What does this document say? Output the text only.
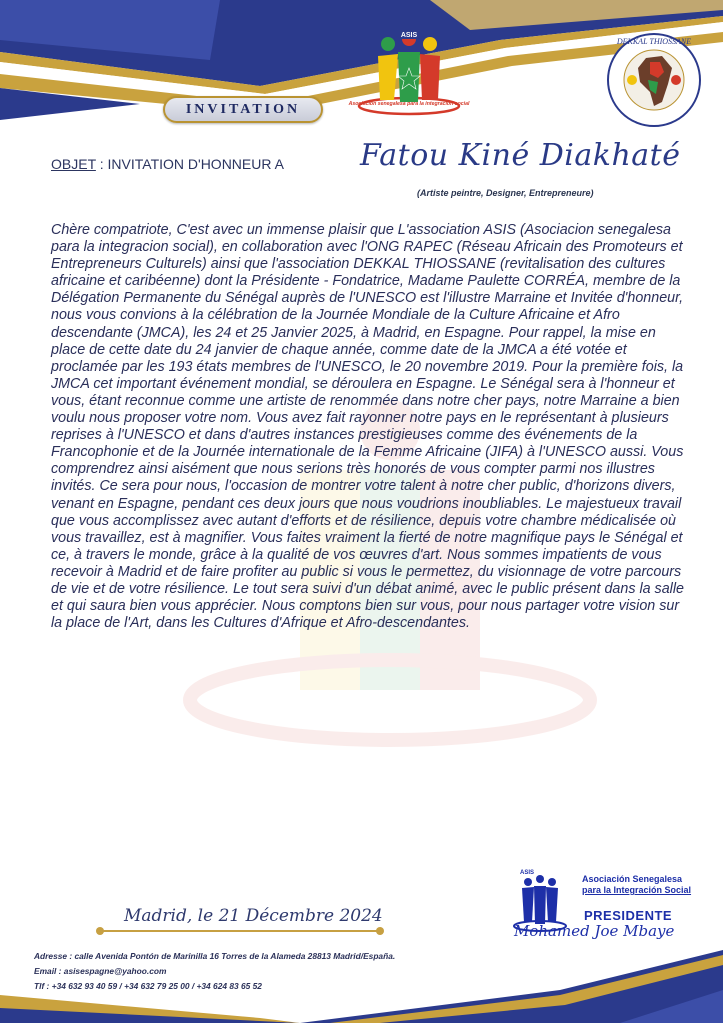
INVITATION
ASIS
Asociación senegalesa para la integración social
DEKKAL THIOSSANE
OBJET : INVITATION D'HONNEUR A	Fatou Kiné Diakhaté
(Artiste peintre, Designer, Entrepreneure)

Chère compatriote, C'est avec un immense plaisir que L'association ASIS (Asociacion senegalesa para la integracion social), en collaboration avec l'ONG RAPEC (Réseau Africain des Promoteurs et Entrepreneurs Culturels) ainsi que l'association DEKKAL THIOSSANE (revitalisation des cultures africaine et caribéenne) dont la Présidente - Fondatrice, Madame Paulette CORRÉA, membre de la Délégation Permanente du Sénégal auprès de l'UNESCO est l'illustre Marraine et Invitée d'honneur, nous vous convions à la célébration de la Journée Mondiale de la Culture Africaine et Afro descendante (JMCA), les 24 et 25 Janvier 2025, à Madrid, en Espagne. Pour rappel, la mise en place de cette date du 24 janvier de chaque année, comme date de la JMCA a été votée et proclamée par les 193 états membres de l'UNESCO, le 20 novembre 2019. Pour la première fois, la JMCA cet important événement mondial, se déroulera en Espagne. Le Sénégal sera à l'honneur et vous, étant reconnue comme une artiste de renommée dans notre cher pays, notre Marraine a bien voulu nous proposer votre nom. Vous avez fait rayonner notre pays en le représentant à plusieurs reprises à l'UNESCO et dans d'autres instances prestigieuses comme des événements de la Francophonie et de la Journée internationale de la Femme Africaine (JIFA) à l'UNESCO aussi. Vous comprendrez ainsi aisément que nous serions très honorés de vous compter parmi nos illustres invités. Ce sera pour nous, l'occasion de montrer votre talent à notre cher public, d'horizons divers, venant en Espagne, pendant ces deux jours que nous voudrions inoubliables. Le majestueux travail que vous accomplissez avec autant d'efforts et de résilience, depuis votre chambre médicalisée où vous travaillez, est à magnifier. Vous faites vraiment la fierté de notre magnifique pays le Sénégal et ce, à travers le monde, grâce à la qualité de vos œuvres d'art. Nous sommes impatients de vous recevoir à Madrid et de faire profiter au public si vous le permettez, du visionnage de votre parcours de vie et de votre résilience. Le tout sera suivi d'un débat animé, avec le public présent dans la salle et qui saura bien vous apprécier. Nous comptons bien sur vous, pour nous partager votre vision sur la place de l'Art, dans les Cultures d'Afrique et Afro-descendantes.

Madrid, le 21 Décembre 2024
Adresse : calle Avenida Pontón de Marinilla 16 Torres de la Alameda 28813 Madrid/España.
Email : asisespagne@yahoo.com
Tlf : +34 632 93 40 59 / +34 632 79 25 00 / +34 624 83 65 52
ASIS
Asociación Senegalesa
para la Integración Social
PRESIDENTE
Mohamed Joe Mbaye
